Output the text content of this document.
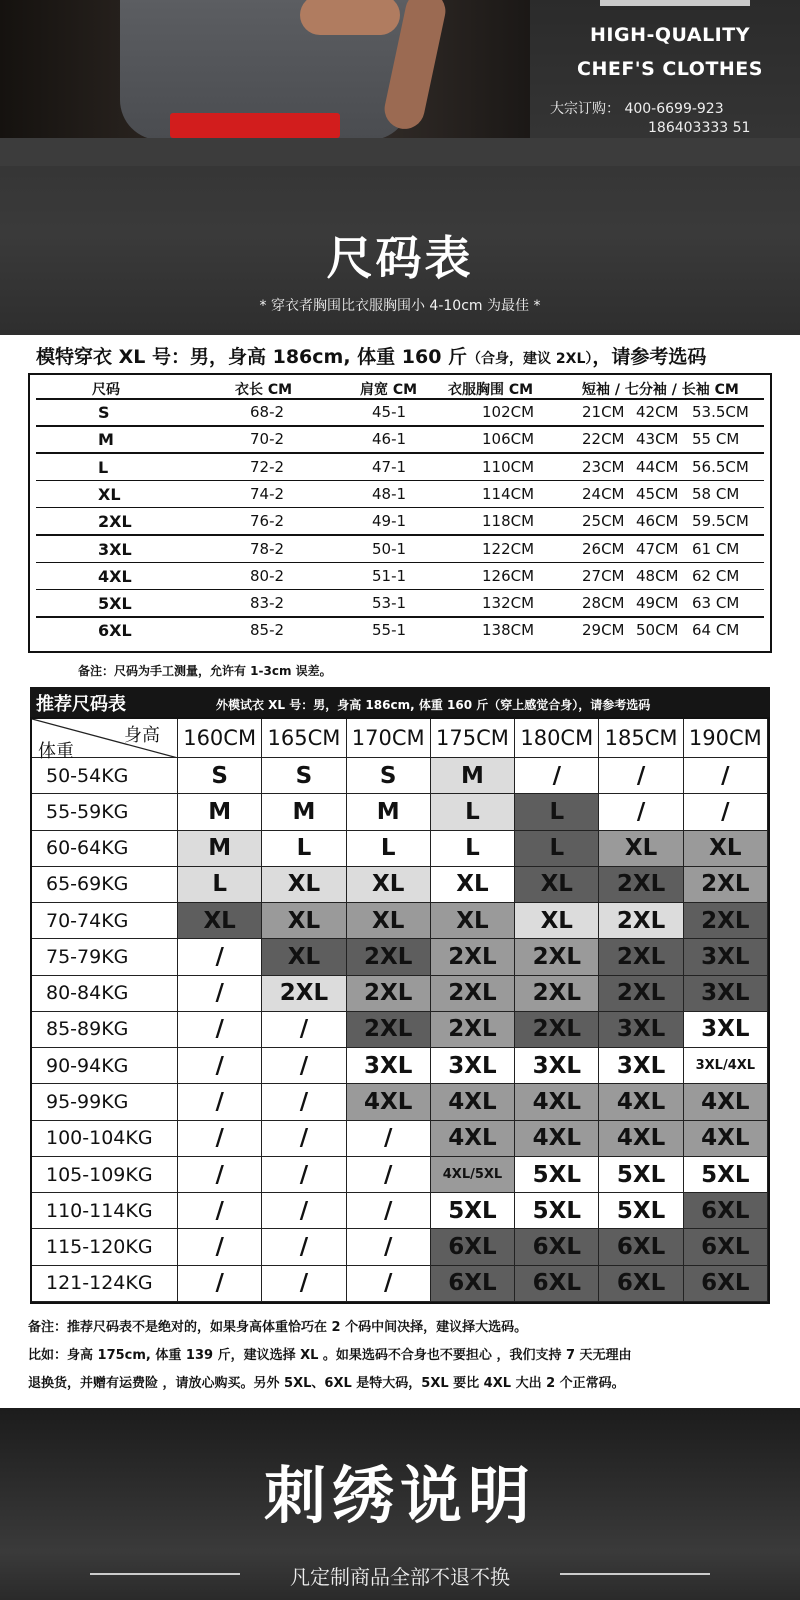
HIGH-QUALITY
CHEF'S CLOTHES
大宗订购： 400-6699-923
186403333 51
尺码表
* 穿衣者胸围比衣服胸围小 4-10cm 为最佳 *
模特穿衣 XL 号：男，身高 186cm, 体重 160 斤（合身，建议 2XL），请参考选码
尺码	衣长 CM	肩宽 CM 衣服胸围 CM	短袖 / 七分袖 / 长袖 CM
S	68-2	45-1	102CM	21CM 42CM 53.5CM
M	70-2	46-1	106CM	22CM 43CM 55 CM
L	72-2	47-1	110CM	23CM 44CM 56.5CM
XL	74-2	48-1	114CM	24CM 45CM 58 CM
2XL	76-2	49-1	118CM	25CM 46CM 59.5CM
3XL	78-2	50-1	122CM	26CM 47CM 61 CM
4XL	80-2	51-1	126CM	27CM 48CM 62 CM
5XL	83-2	53-1	132CM	28CM 49CM 63 CM
6XL	85-2	55-1	138CM	29CM 50CM 64 CM
备注：尺码为手工测量，允许有 1-3cm 误差。
推荐尺码表	外模试衣 XL 号：男，身高 186cm, 体重 160 斤（穿上感觉合身），请参考选码
身高
体重
160CM 165CM 170CM 175CM 180CM 185CM 190CM
50-54KG	S	S	S	M	/	/	/
55-59KG	M	M	M	L	L	/	/
60-64KG	M	L	L	L	L	XL	XL
65-69KG	L	XL	XL	XL	XL	2XL	2XL
70-74KG	XL	XL	XL	XL	XL	2XL	2XL
75-79KG	/	XL	2XL	2XL	2XL	2XL	3XL
80-84KG	/	2XL	2XL	2XL	2XL	2XL	3XL
85-89KG	/	/	2XL	2XL	2XL	3XL	3XL
90-94KG	/	/	3XL	3XL	3XL	3XL	3XL/4XL
95-99KG	/	/	4XL	4XL	4XL	4XL	4XL
100-104KG	/	/	/	4XL	4XL	4XL	4XL
105-109KG	/	/	/	4XL/5XL	5XL	5XL	5XL
110-114KG	/	/	/	5XL	5XL	5XL	6XL
115-120KG	/	/	/	6XL	6XL	6XL	6XL
121-124KG	/	/	/	6XL	6XL	6XL	6XL
备注：推荐尺码表不是绝对的，如果身高体重恰巧在 2 个码中间决择，建议择大选码。
比如：身高 175cm, 体重 139 斤，建议选择 XL 。如果选码不合身也不要担心 ，我们支持 7 天无理由
退换货，并赠有运费险 ，请放心购买。另外 5XL、6XL 是特大码，5XL 要比 4XL 大出 2 个正常码。
刺绣说明
凡定制商品全部不退不换
